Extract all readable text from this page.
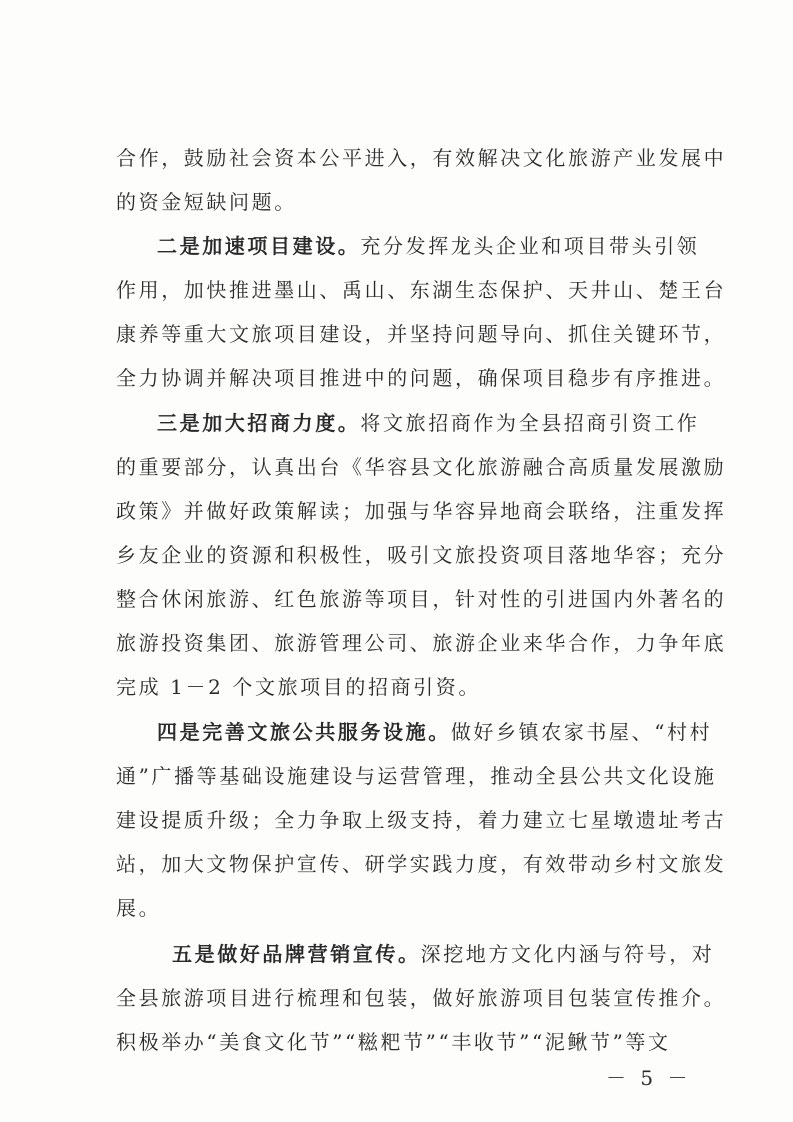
合作，鼓励社会资本公平进入，有效解决文化旅游产业发展中
的资金短缺问题。
二是加速项目建设。充分发挥龙头企业和项目带头引领
作用，加快推进墨山、禹山、东湖生态保护、天井山、楚王台
康养等重大文旅项目建设，并坚持问题导向、抓住关键环节，
全力协调并解决项目推进中的问题，确保项目稳步有序推进。
三是加大招商力度。将文旅招商作为全县招商引资工作
的重要部分，认真出台《华容县文化旅游融合高质量发展激励
政策》并做好政策解读；加强与华容异地商会联络，注重发挥
乡友企业的资源和积极性，吸引文旅投资项目落地华容；充分
整合休闲旅游、红色旅游等项目，针对性的引进国内外著名的
旅游投资集团、旅游管理公司、旅游企业来华合作，力争年底
完成 1－2 个文旅项目的招商引资。
四是完善文旅公共服务设施。做好乡镇农家书屋、“村村
通”广播等基础设施建设与运营管理，推动全县公共文化设施
建设提质升级；全力争取上级支持，着力建立七星墩遗址考古
站，加大文物保护宣传、研学实践力度，有效带动乡村文旅发
展。
五是做好品牌营销宣传。深挖地方文化内涵与符号，对
全县旅游项目进行梳理和包装，做好旅游项目包装宣传推介。
积极举办“美食文化节”“糍粑节”“丰收节”“泥鳅节”等文
－ 5 －
